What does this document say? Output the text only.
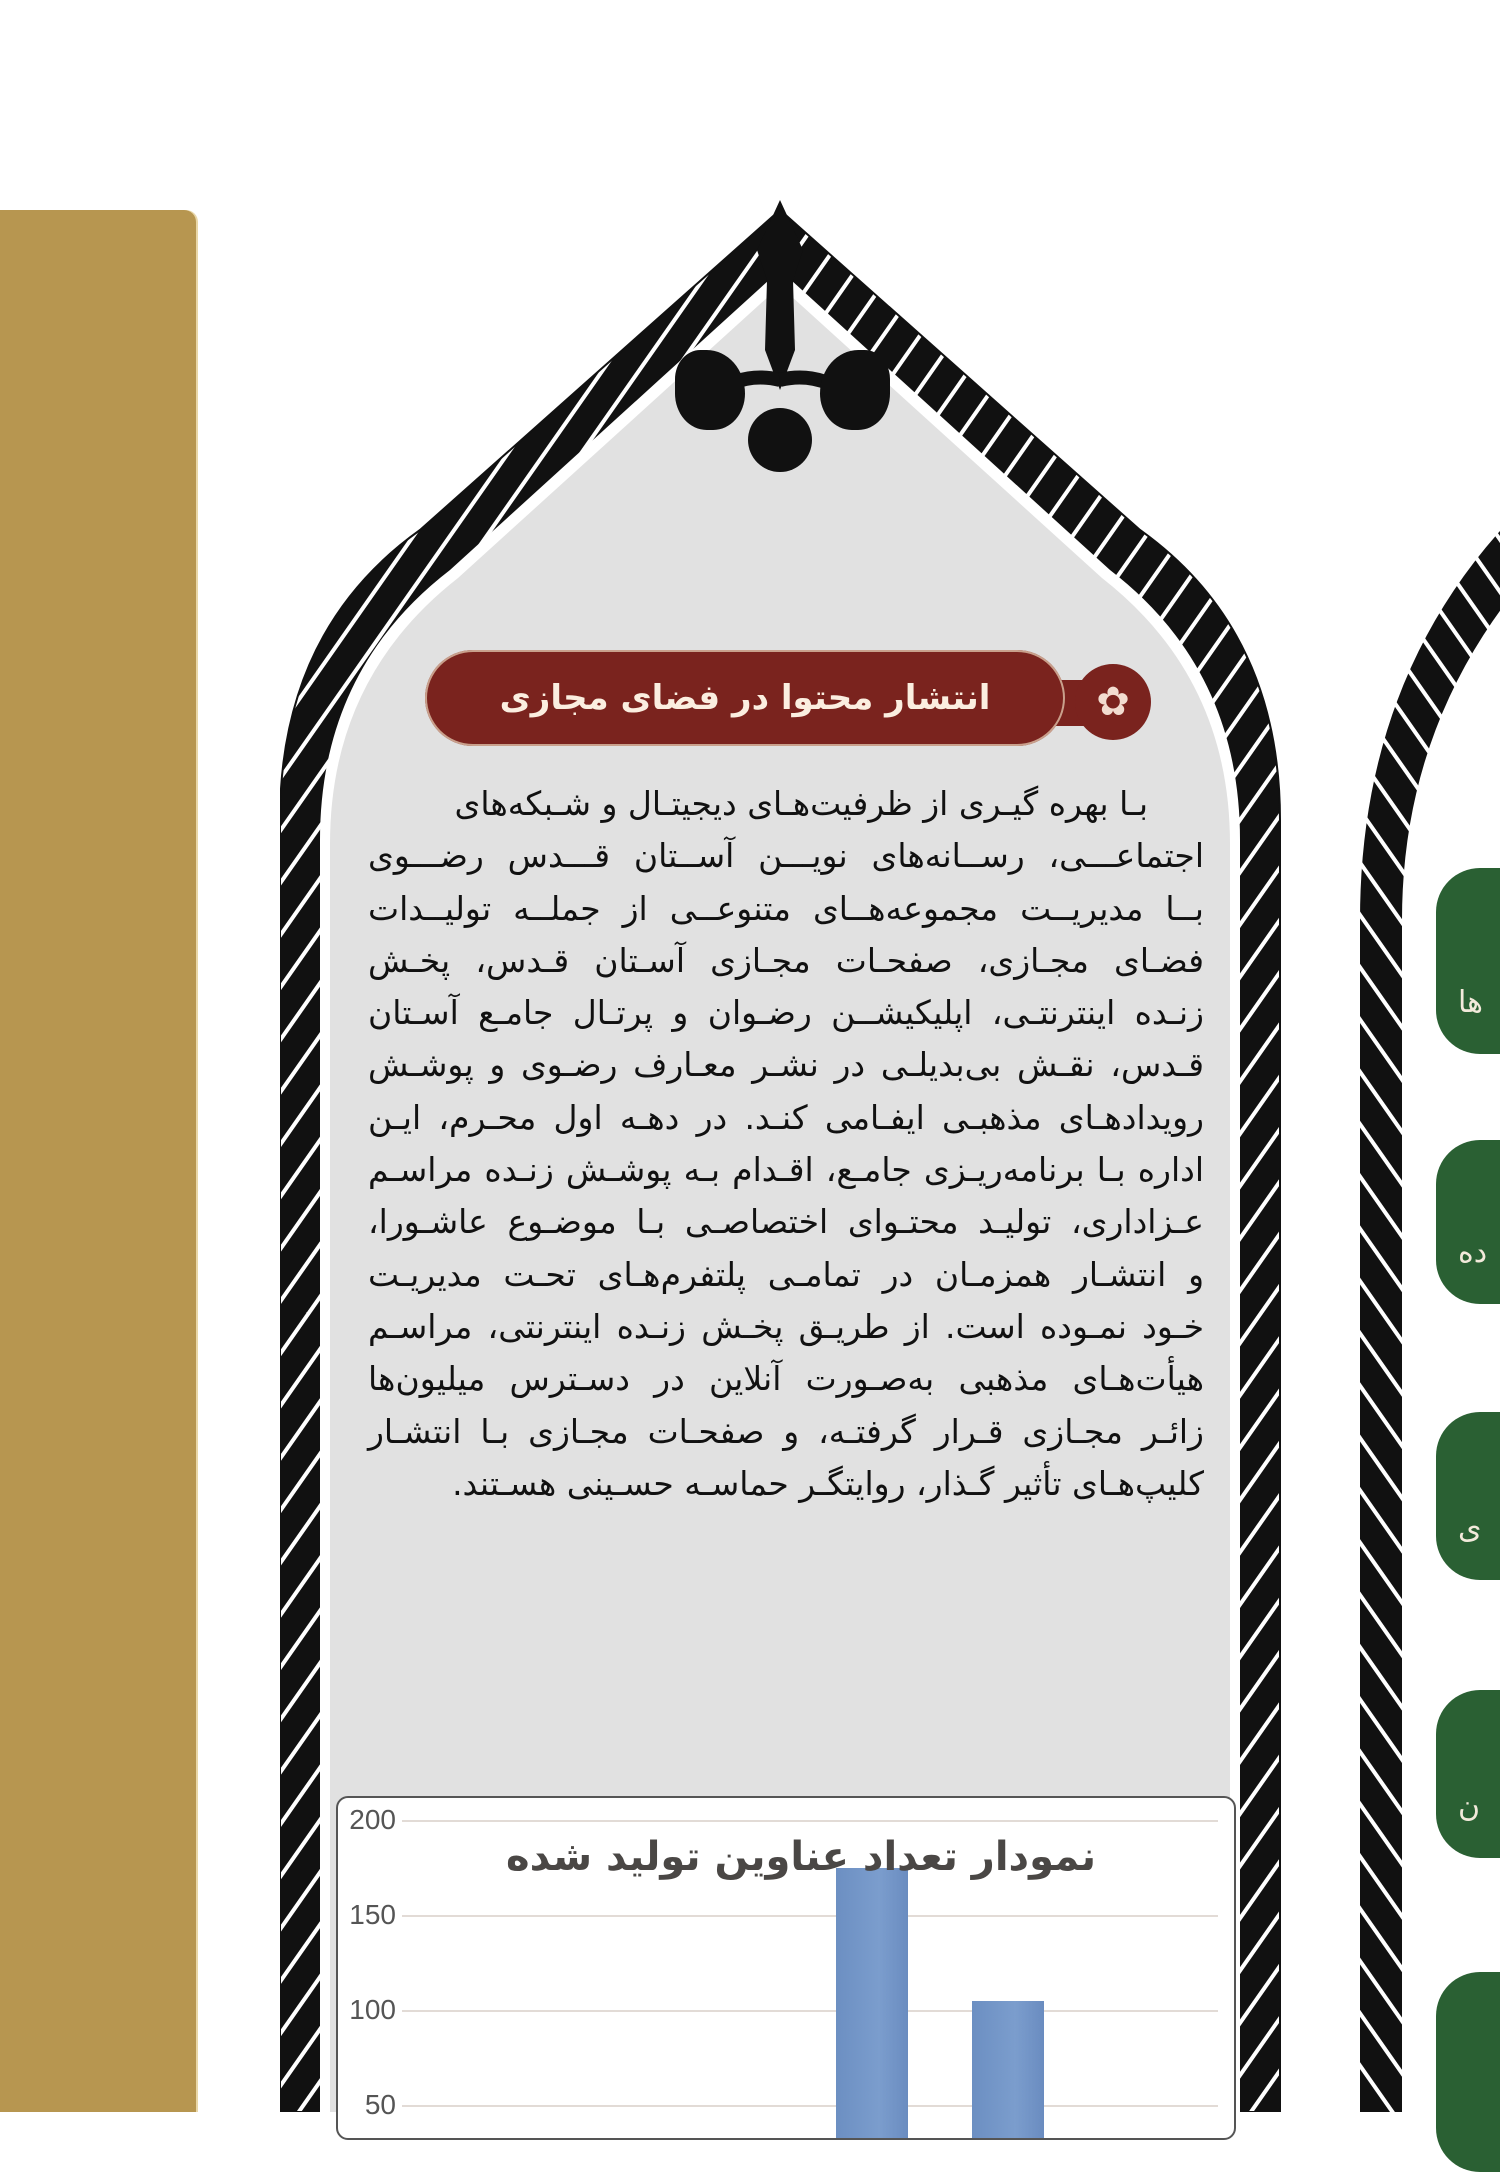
انتشار محتوا در فضای مجازی	✿
بـا بهره گیـری از ظرفیت‌هـای دیجیتـال و شـبکه‌های
اجتماعـــی، رســانه‌های نویـــن آســتان قـــدس رضـــوی
بــا مدیریــت مجموعه‌هــای متنوعــی از جملــه تولیــدات
فضـای مجـازی، صفحـات مجـازی آسـتان قـدس، پخـش
زنـده اینترنتـی، اپلیکیشــن رضـوان و پرتـال جامـع آسـتان
قـدس، نقـش بی‌بدیلـی در نشـر معـارف رضـوی و پوشـش
رویدادهـای مذهبـی ایفـامی کنـد. در دهـه اول محـرم، ایـن
اداره بـا برنامه‌ریـزی جامـع، اقـدام بـه پوشـش زنـده مراسـم
عـزاداری، تولیـد محتـوای اختصاصـی بـا موضـوع عاشـورا،
و انتشـار همزمـان در تمامـی پلتفرم‌هـای تحـت مدیریـت
خـود نمـوده است. از طریـق پخـش زنـده اینترنتی، مراسـم
هیأت‌هـای مذهبی به‌صـورت آنلاین در دسـترس میلیون‌ها
زائـر مجـازی قـرار گرفتـه، و صفحـات مجـازی بـا انتشـار
کلیپ‌هـای تأثیر گـذار، روایتگـر حماسـه حسـینی هسـتند.
نمودار تعداد عناوین تولید شده
200
150
100
50
ها
ده
ی
ن
